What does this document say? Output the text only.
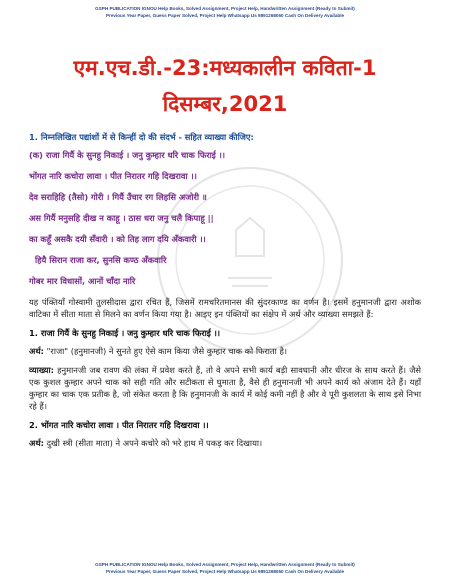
GSPH PUBLICATION IGNOU Help Books, Solved Assignment, Project Help, Handwritten Assignment (Ready to Submit)
Previous Year Paper, Guess Paper Solved, Project Help Whatsapp Us 9891268050 Cash On Delivery Available
एम.एच.डी.-23:मध्यकालीन कविता-1
दिसम्बर,2021
1. निम्नलिखित पद्यांशों में से किन्हीं दो की संदर्भ - सहित व्याख्या कीजिए:
(क) राजा गिर्यै के सुनहु निकाई । जनु कुम्हार धरि चाक फिराई ।।
भोंगत नारि कचोरा लावा । पीत निरातर गहि दिखरावा ।।
देव सराहिहि (तैसो) गोरी । गिर्यै उँचार रग लिहसि अजोरी ॥
अस गिर्यै मनुसहि दीख न काहू । ठास धरा जनु चलै किपाहू ||
का कहूँ असकै दयी सँवारी । को तिह लाग दयि अँकवारी ।।
हियै सिरान राजा कर, सुनसि कण्ठ अँकवारि
गोबर मार विधासों, आनों चाँदा नारि
यह पंक्तियाँ गोस्वामी तुलसीदास द्वारा रचित हैं, जिसमें रामचरितमानस की सुंदरकाण्ड का वर्णन है। इसमें हनुमानजी द्वारा अशोक वाटिका में सीता माता से मिलने का वर्णन किया गया है। आइए इन पंक्तियों का संक्षेप में अर्थ और व्याख्या समझते हैं:
1. राजा गिर्यै के सुनहु निकाई । जनु कुम्हार धरि चाक फिराई ।।
अर्थ: "राजा" (हनुमानजी) ने सुनते हुए ऐसे काम किया जैसे कुम्हार चाक को फिराता है।
व्याख्या: हनुमानजी जब रावण की लंका में प्रवेश करते हैं, तो वे अपने सभी कार्य बड़ी सावधानी और धीरज के साथ करते हैं। जैसे एक कुशल कुम्हार अपने चाक को सही गति और सटीकता से घुमाता है, वैसे ही हनुमानजी भी अपने कार्य को अंजाम देते हैं। यहाँ कुम्हार का चाक एक प्रतीक है, जो संकेत करता है कि हनुमानजी के कार्य में कोई कमी नहीं है और वे पूरी कुशलता के साथ इसे निभा रहे हैं।
2. भोंगत नारि कचोरा लावा । पीत निरातर गहि दिखरावा ।।
अर्थ: दुखी स्त्री (सीता माता) ने अपने कचोरे को भरे हाथ में पकड़ कर दिखाया।
GSPH PUBLICATION IGNOU Help Books, Solved Assignment, Project Help, Handwritten Assignment (Ready to Submit)
Previous Year Paper, Guess Paper Solved, Project Help Whatsapp Us 9891268050 Cash On Delivery Available
